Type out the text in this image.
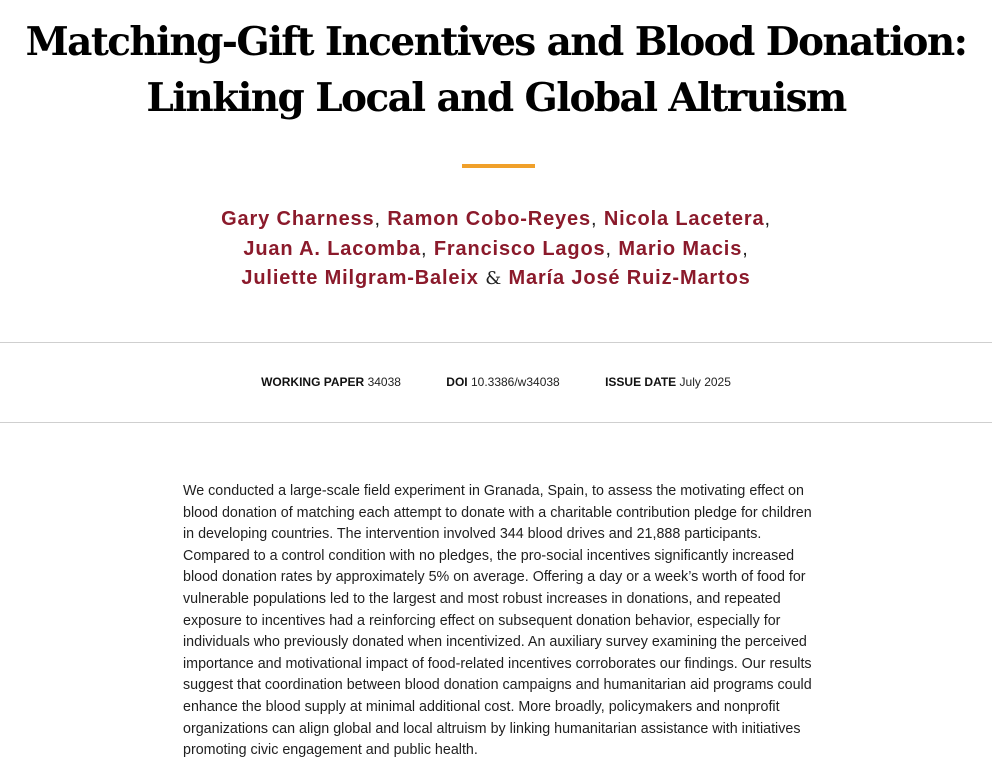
Matching-Gift Incentives and Blood Donation:
Linking Local and Global Altruism
Gary Charness, Ramon Cobo-Reyes, Nicola Lacetera,
Juan A. Lacomba, Francisco Lagos, Mario Macis,
Juliette Milgram-Baleix & María José Ruiz-Martos
WORKING PAPER 34038	DOI 10.3386/w34038	ISSUE DATE July 2025

We conducted a large-scale field experiment in Granada, Spain, to assess the motivating effect on blood donation of matching each attempt to donate with a charitable contribution pledge for children in developing countries. The intervention involved 344 blood drives and 21,888 participants. Compared to a control condition with no pledges, the pro-social incentives significantly increased blood donation rates by approximately 5% on average. Offering a day or a week’s worth of food for vulnerable populations led to the largest and most robust increases in donations, and repeated exposure to incentives had a reinforcing effect on subsequent donation behavior, especially for individuals who previously donated when incentivized. An auxiliary survey examining the perceived importance and motivational impact of food-related incentives corroborates our findings. Our results suggest that coordination between blood donation campaigns and humanitarian aid programs could enhance the blood supply at minimal additional cost. More broadly, policymakers and nonprofit organizations can align global and local altruism by linking humanitarian assistance with initiatives promoting civic engagement and public health.
